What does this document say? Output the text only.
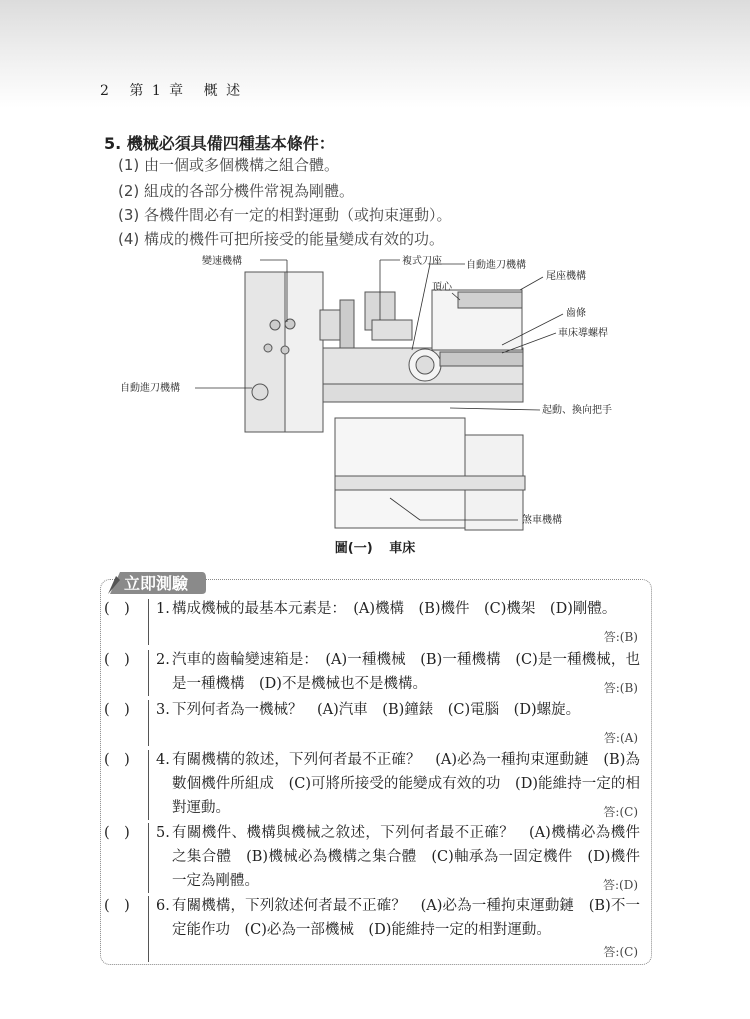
2 第 1 章 概 述
5. 機械必須具備四種基本條件：
(1) 由一個或多個機構之組合體。
(2) 組成的各部分機件常視為剛體。
(3) 各機件間必有一定的相對運動（或拘束運動）。
(4) 構成的機件可把所接受的能量變成有效的功。
變速機構	複式刀座 自動進刀機構
頂心
尾座機構
齒條
車床導螺桿
自動進刀機構
起動、換向把手
煞車機構
圖(一) 車床
立即測驗
(　)	1. 構成機械的最基本元素是：　(A)機構　(B)機件　(C)機架　(D)剛體。
答:(B)
(　)	2. 汽車的齒輪變速箱是：　(A)一種機械　(B)一種機構　(C)是一種機械，也是一種機構　(D)不是機械也不是機構。	答:(B)
(　)	3. 下列何者為一機械？　(A)汽車　(B)鐘錶　(C)電腦　(D)螺旋。
答:(A)
(　)	4. 有關機構的敘述，下列何者最不正確？　(A)必為一種拘束運動鏈　(B)為數個機件所組成　(C)可將所接受的能變成有效的功　(D)能維持一定的相對運動。	答:(C)
(　)	5. 有關機件、機構與機械之敘述，下列何者最不正確？　(A)機構必為機件之集合體　(B)機械必為機構之集合體　(C)軸承為一固定機件　(D)機件一定為剛體。	答:(D)
(　)	6. 有關機構，下列敘述何者最不正確？　(A)必為一種拘束運動鏈　(B)不一定能作功　(C)必為一部機械　(D)能維持一定的相對運動。
答:(C)
